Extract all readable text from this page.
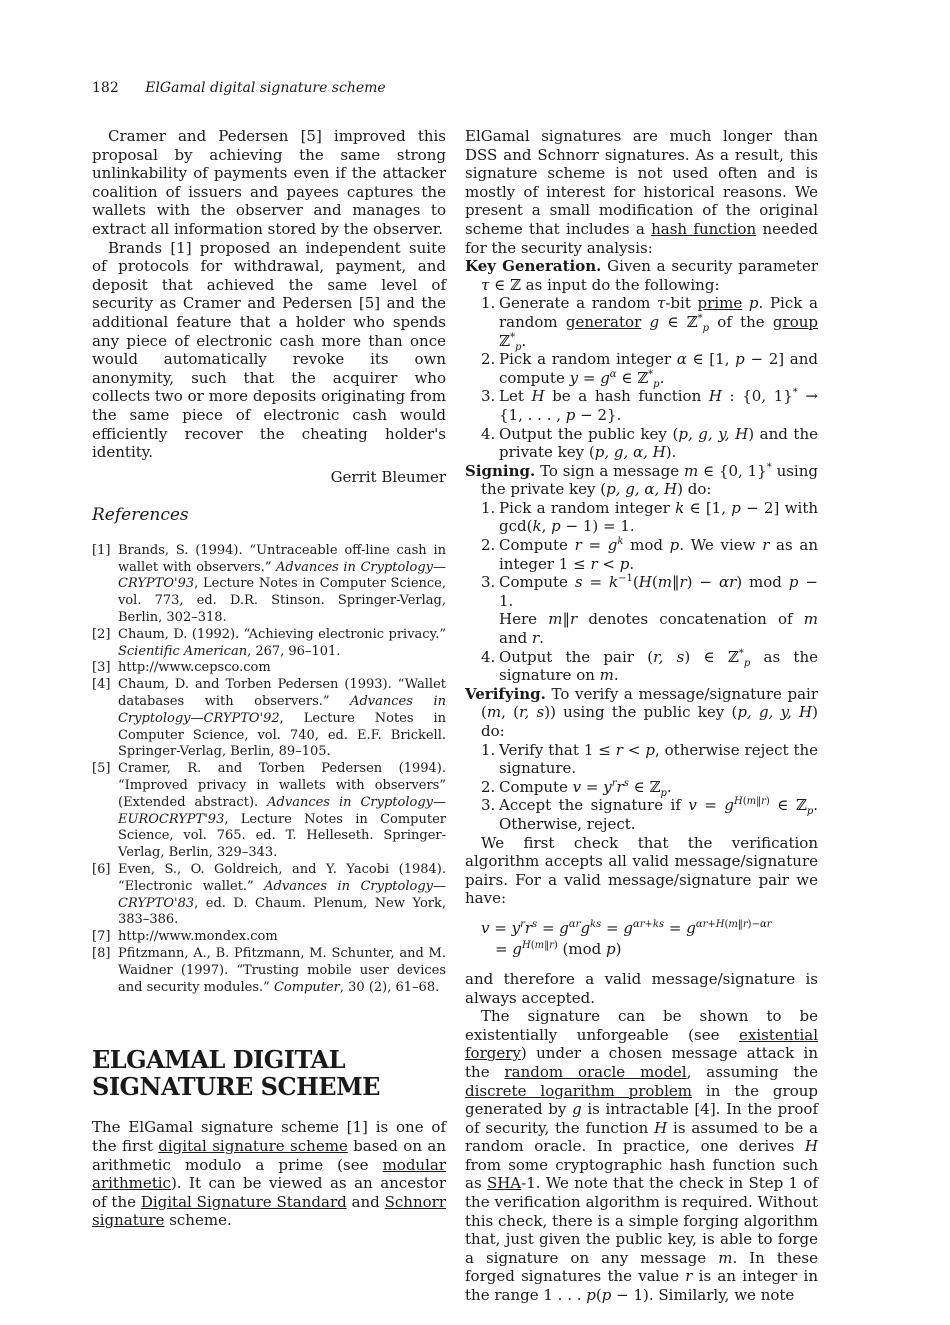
182 ElGamal digital signature scheme

Cramer and Pedersen [5] improved this proposal by achieving the same strong unlinkability of payments even if the attacker coalition of issuers and payees captures the wallets with the observer and manages to extract all information stored by the observer.

Brands [1] proposed an independent suite of protocols for withdrawal, payment, and deposit that achieved the same level of security as Cramer and Pedersen [5] and the additional feature that a holder who spends any piece of electronic cash more than once would automatically revoke its own anonymity, such that the acquirer who collects two or more deposits originating from the same piece of electronic cash would efficiently recover the cheating holder's identity.

Gerrit Bleumer

References
[1] Brands, S. (1994). “Untraceable off-line cash in wallet with observers.” Advances in Cryptology—CRYPTO'93, Lecture Notes in Computer Science, vol. 773, ed. D.R. Stinson. Springer-Verlag, Berlin, 302–318.
[2] Chaum, D. (1992). “Achieving electronic privacy.” Scientific American, 267, 96–101.
[3] http://www.cepsco.com
[4] Chaum, D. and Torben Pedersen (1993). “Wallet databases with observers.” Advances in Cryptology—CRYPTO'92, Lecture Notes in Computer Science, vol. 740, ed. E.F. Brickell. Springer-Verlag, Berlin, 89–105.
[5] Cramer, R. and Torben Pedersen (1994). “Improved privacy in wallets with observers” (Extended abstract). Advances in Cryptology—EUROCRYPT'93, Lecture Notes in Computer Science, vol. 765. ed. T. Helleseth. Springer-Verlag, Berlin, 329–343.
[6] Even, S., O. Goldreich, and Y. Yacobi (1984). “Electronic wallet.” Advances in Cryptology—CRYPTO'83, ed. D. Chaum. Plenum, New York, 383–386.
[7] http://www.mondex.com
[8] Pfitzmann, A., B. Pfitzmann, M. Schunter, and M. Waidner (1997). “Trusting mobile user devices and security modules.” Computer, 30 (2), 61–68.
ELGAMAL DIGITAL
SIGNATURE SCHEME

The ElGamal signature scheme [1] is one of the first digital signature scheme based on an arithmetic modulo a prime (see modular arithmetic). It can be viewed as an ancestor of the Digital Signature Standard and Schnorr signature scheme.

ElGamal signatures are much longer than DSS and Schnorr signatures. As a result, this signature scheme is not used often and is mostly of interest for historical reasons. We present a small modification of the original scheme that includes a hash function needed for the security analysis:

Key Generation. Given a security parameter τ ∈ ℤ as input do the following:
1. Generate a random τ-bit prime p. Pick a random generator g ∈ ℤ*$_p$ of the group ℤ*$_p$.
2. Pick a random integer α ∈ [1, p − 2] and compute $y = g^\alpha$ ∈ ℤ*$_p$.
3. Let H be a hash function H : {0, 1}* → {1, . . . , p − 2}.
4. Output the public key (p, g, y, H) and the private key (p, g, α, H).
Signing. To sign a message m ∈ {0, 1}* using the private key (p, g, α, H) do:
1. Pick a random integer k ∈ [1, p − 2] with gcd(k, p − 1) = 1.
2. Compute $r = g^k$ mod p. We view r as an integer 1 ≤ r < p.
3. Compute $s = k^{-1}(H(m‖r) - \alpha r)$ mod p − 1.
Here m‖r denotes concatenation of m and r.
4. Output the pair (r, s) ∈ ℤ*$_p$ as the signature on m.
Verifying. To verify a message/signature pair (m, (r, s)) using the public key (p, g, y, H) do:
1. Verify that 1 ≤ r < p, otherwise reject the signature.
2. Compute $v = y^rr^s$ ∈ ℤ$_p$.
3. Accept the signature if $v = g^{H(m‖r)}$ ∈ ℤ$_p$. Otherwise, reject.

We first check that the verification algorithm accepts all valid message/signature pairs. For a valid message/signature pair we have:

$v = y^rr^s = g^{\alpha r}g^{ks} = g^{\alpha r+ks} = g^{\alpha r+H(m‖r)-\alpha r}$
= $g^{H(m‖r)}$ (mod p)

and therefore a valid message/signature is always accepted.

The signature can be shown to be existentially unforgeable (see existential forgery) under a chosen message attack in the random oracle model, assuming the discrete logarithm problem in the group generated by g is intractable [4]. In the proof of security, the function H is assumed to be a random oracle. In practice, one derives H from some cryptographic hash function such as SHA-1. We note that the check in Step 1 of the verification algorithm is required. Without this check, there is a simple forging algorithm that, just given the public key, is able to forge a signature on any message m. In these forged signatures the value r is an integer in the range 1 . . . p(p − 1). Similarly, we note
